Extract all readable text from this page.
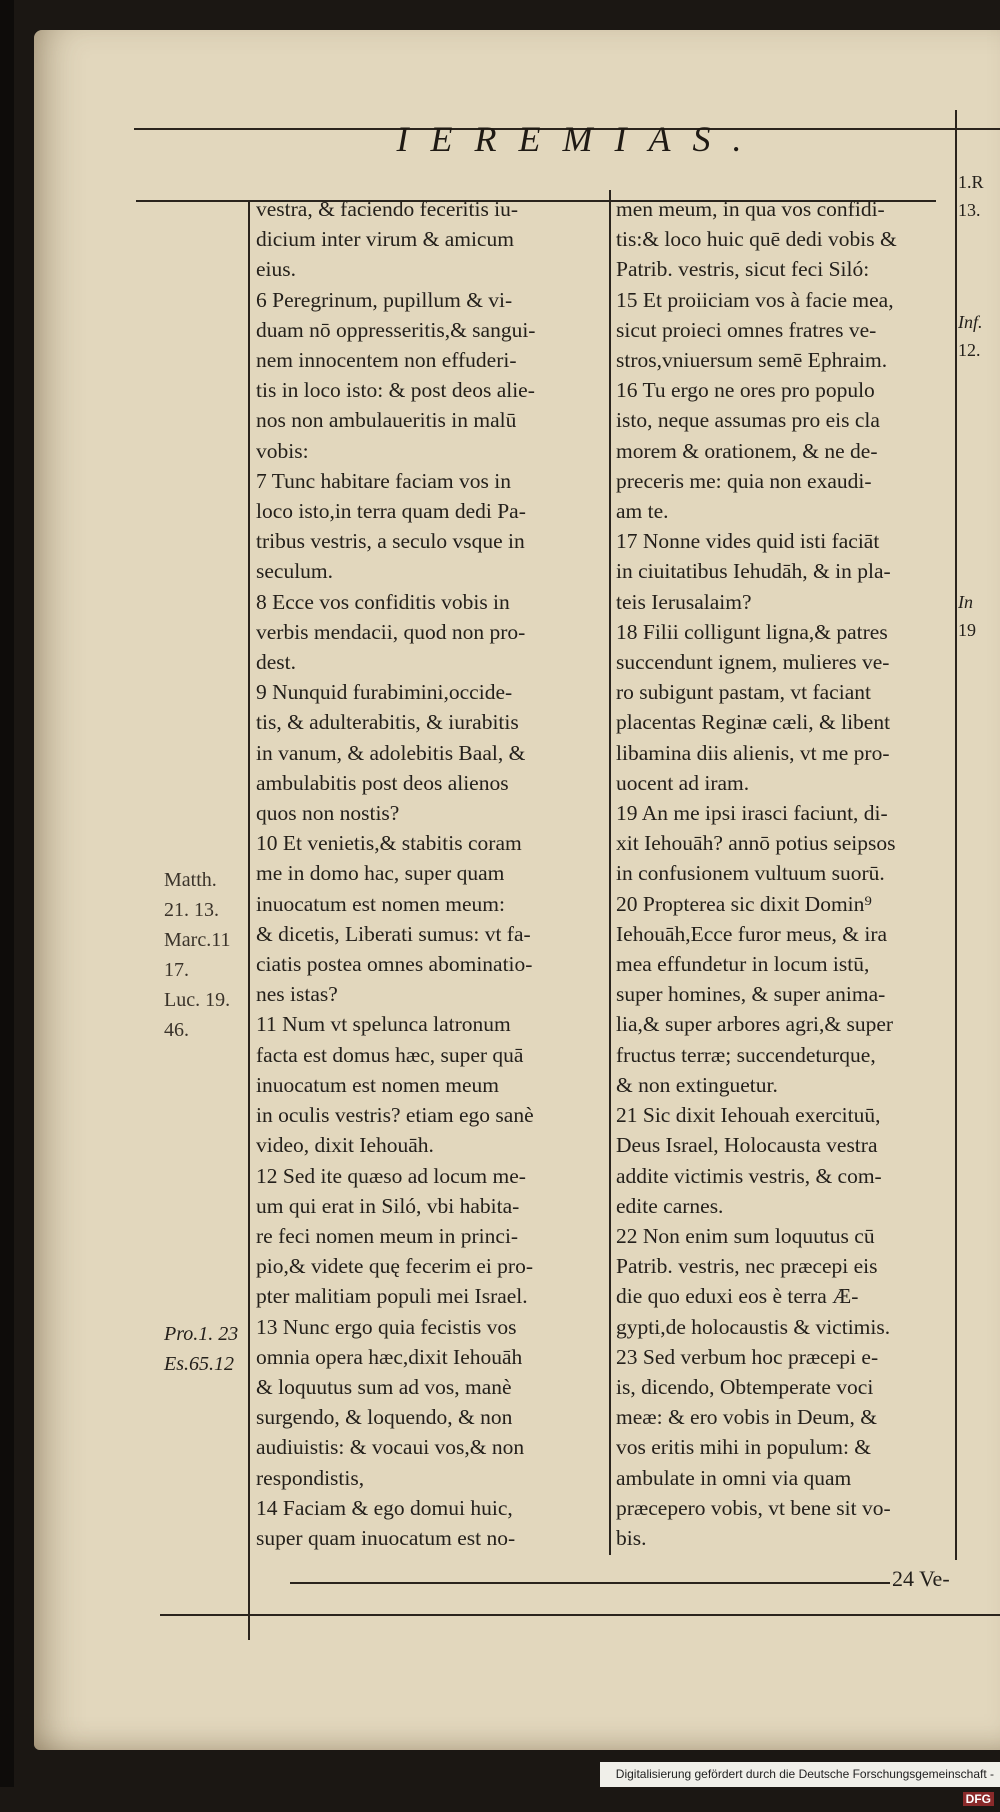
IEREMIAS.
vestra, & faciendo feceritis iu-
dicium inter virum & amicum
eius.
6 Peregrinum, pupillum & vi-
duam nō oppresseritis,& sangui-
nem innocentem non effuderi-
tis in loco isto: & post deos alie-
nos non ambulaueritis in malū
vobis:
7 Tunc habitare faciam vos in
loco isto,in terra quam dedi Pa-
tribus vestris, a seculo vsque in
seculum.
8 Ecce vos confiditis vobis in
verbis mendacii, quod non pro-
dest.
9 Nunquid furabimini,occide-
tis, & adulterabitis, & iurabitis
in vanum, & adolebitis Baal, &
ambulabitis post deos alienos
quos non nostis?
10 Et venietis,& stabitis coram
me in domo hac, super quam
inuocatum est nomen meum:
& dicetis, Liberati sumus: vt fa-
ciatis postea omnes abominatio-
nes istas?
11 Num vt spelunca latronum
facta est domus hæc, super quā
inuocatum est nomen meum
in oculis vestris? etiam ego sanè
video, dixit Iehouāh.
12 Sed ite quæso ad locum me-
um qui erat in Siló, vbi habita-
re feci nomen meum in princi-
pio,& videte quę fecerim ei pro-
pter malitiam populi mei Israel.
13 Nunc ergo quia fecistis vos
omnia opera hæc,dixit Iehouāh
& loquutus sum ad vos, manè
surgendo, & loquendo, & non
audiuistis: & vocaui vos,& non
respondistis,
14 Faciam & ego domui huic,
super quam inuocatum est no-
men meum, in qua vos confidi-
tis:& loco huic quē dedi vobis &
Patrib. vestris, sicut feci Siló:
15 Et proiiciam vos à facie mea,
sicut proieci omnes fratres ve-
stros,vniuersum semē Ephraim.
16 Tu ergo ne ores pro populo
isto, neque assumas pro eis cla
morem & orationem, & ne de-
preceris me: quia non exaudi-
am te.
17 Nonne vides quid isti faciāt
in ciuitatibus Iehudāh, & in pla-
teis Ierusalaim?
18 Filii colligunt ligna,& patres
succendunt ignem, mulieres ve-
ro subigunt pastam, vt faciant
placentas Reginæ cæli, & libent
libamina diis alienis, vt me pro-
uocent ad iram.
19 An me ipsi irasci faciunt, di-
xit Iehouāh? annō potius seipsos
in confusionem vultuum suorū.
20 Propterea sic dixit Domin⁹
Iehouāh,Ecce furor meus, & ira
mea effundetur in locum istū,
super homines, & super anima-
lia,& super arbores agri,& super
fructus terræ; succendeturque,
& non extinguetur.
21 Sic dixit Iehouah exercituū,
Deus Israel, Holocausta vestra
addite victimis vestris, & com-
edite carnes.
22 Non enim sum loquutus cū
Patrib. vestris, nec præcepi eis
die quo eduxi eos è terra Æ-
gypti,de holocaustis & victimis.
23 Sed verbum hoc præcepi e-
is, dicendo, Obtemperate voci
meæ: & ero vobis in Deum, &
vos eritis mihi in populum: &
ambulate in omni via quam
præcepero vobis, vt bene sit vo-
bis.
Matth.
21. 13.
Marc.11
17.
Luc. 19.
46.
Pro.1. 23
Es.65.12
1.R
13.
Inf.
12.
In
19
24 Ve-
Digitalisierung gefördert durch die Deutsche Forschungsgemeinschaft -DFG
